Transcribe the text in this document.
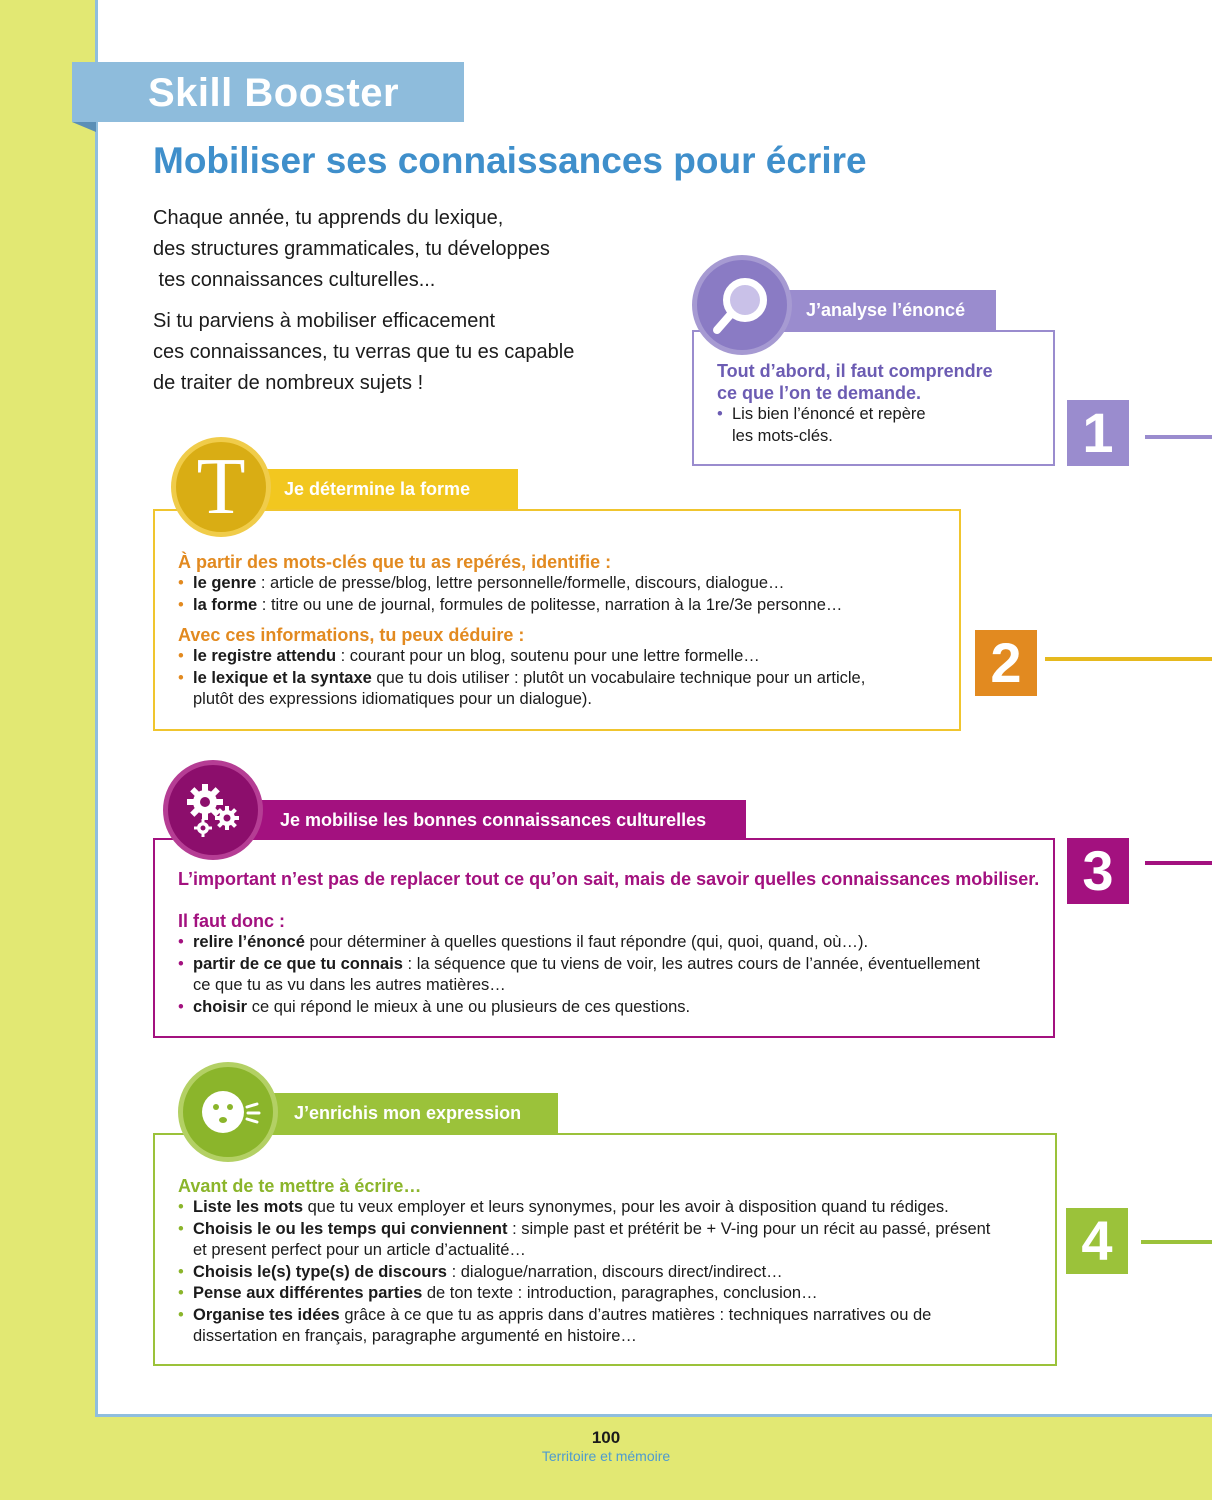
Skill Booster
Mobiliser ses connaissances pour écrire

Chaque année, tu apprends du lexique,

des structures grammaticales, tu développes

tes connaissances culturelles...

Si tu parviens à mobiliser efficacement

ces connaissances, tu verras que tu es capable

de traiter de nombreux sujets !

J’analyse l’énoncé
Tout d’abord, il faut comprendre
ce que l’on te demande.
• Lis bien l’énoncé et repère
les mots-clés.	1
Je détermine la forme
À partir des mots-clés que tu as repérés, identifie :
• le genre : article de presse/blog, lettre personnelle/formelle, discours, dialogue…
• la forme : titre ou une de journal, formules de politesse, narration à la 1re/3e personne…
Avec ces informations, tu peux déduire :
• le registre attendu : courant pour un blog, soutenu pour une lettre formelle…
• le lexique et la syntaxe que tu dois utiliser : plutôt un vocabulaire technique pour un article,
plutôt des expressions idiomatiques pour un dialogue).
T
2
Je mobilise les bonnes connaissances culturelles
L’important n’est pas de replacer tout ce qu’on sait, mais de savoir quelles connaissances mobiliser.
Il faut donc :
• relire l’énoncé pour déterminer à quelles questions il faut répondre (qui, quoi, quand, où…).
• partir de ce que tu connais : la séquence que tu viens de voir, les autres cours de l’année, éventuellement
ce que tu as vu dans les autres matières…
• choisir ce qui répond le mieux à une ou plusieurs de ces questions.
3
J’enrichis mon expression
Avant de te mettre à écrire…
• Liste les mots que tu veux employer et leurs synonymes, pour les avoir à disposition quand tu rédiges.
• Choisis le ou les temps qui conviennent : simple past et prétérit be + V-ing pour un récit au passé, présent
et present perfect pour un article d’actualité…
• Choisis le(s) type(s) de discours : dialogue/narration, discours direct/indirect…
• Pense aux différentes parties de ton texte : introduction, paragraphes, conclusion…
• Organise tes idées grâce à ce que tu as appris dans d’autres matières : techniques narratives ou de
dissertation en français, paragraphe argumenté en histoire…
4
100
Territoire et mémoire
